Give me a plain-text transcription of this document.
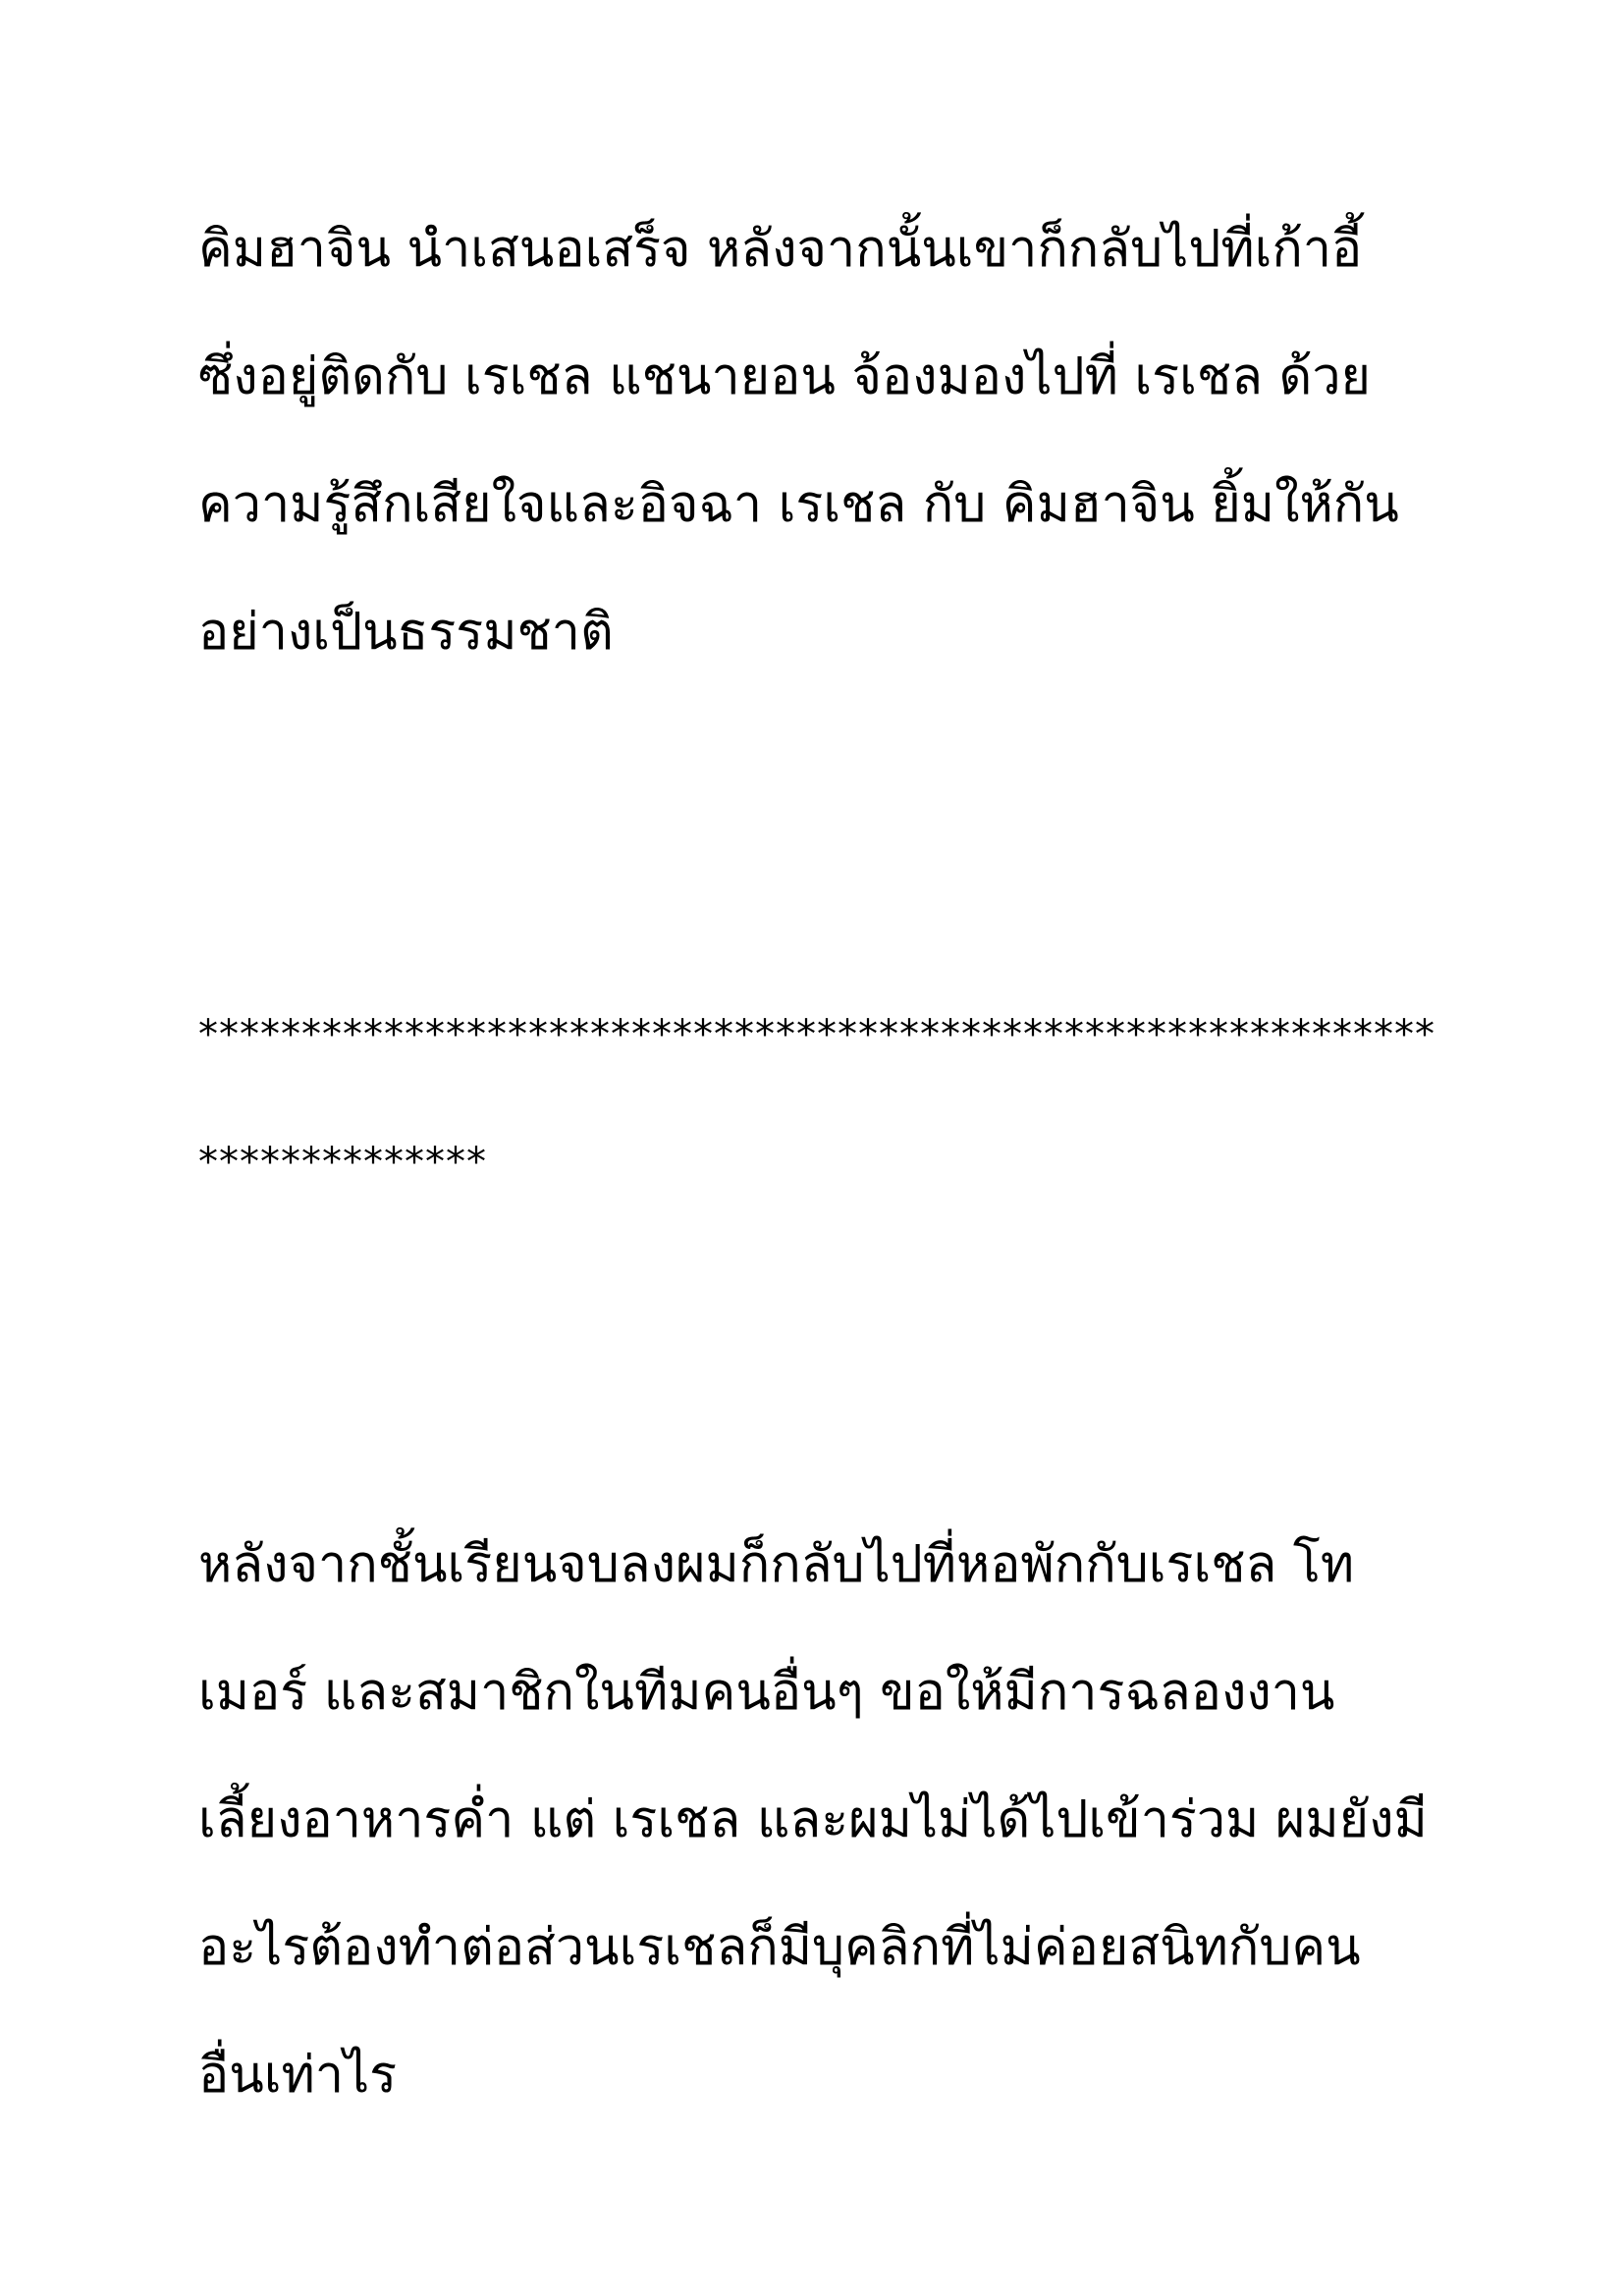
คิมฮาจิน นำเสนอเสร็จ หลังจากนั้นเขาก็กลับไปที่เก้าอี้
ซึ่งอยู่ติดกับ เรเชล แชนายอน จ้องมองไปที่ เรเชล ด้วย
ความรู้สึกเสียใจและอิจฉา เรเชล กับ คิมฮาจิน ยิ้มให้กัน
อย่างเป็นธรรมชาติ
************************************************************
**************
หลังจากชั้นเรียนจบลงผมก็กลับไปที่หอพักกับเรเชล โท
เมอร์ และสมาชิกในทีมคนอื่นๆ ขอให้มีการฉลองงาน
เลี้ยงอาหารค่ำ แต่ เรเชล และผมไม่ได้ไปเข้าร่วม ผมยังมี
อะไรต้องทำต่อส่วนเรเชลก็มีบุคลิกที่ไม่ค่อยสนิทกับคน
อื่นเท่าไร
